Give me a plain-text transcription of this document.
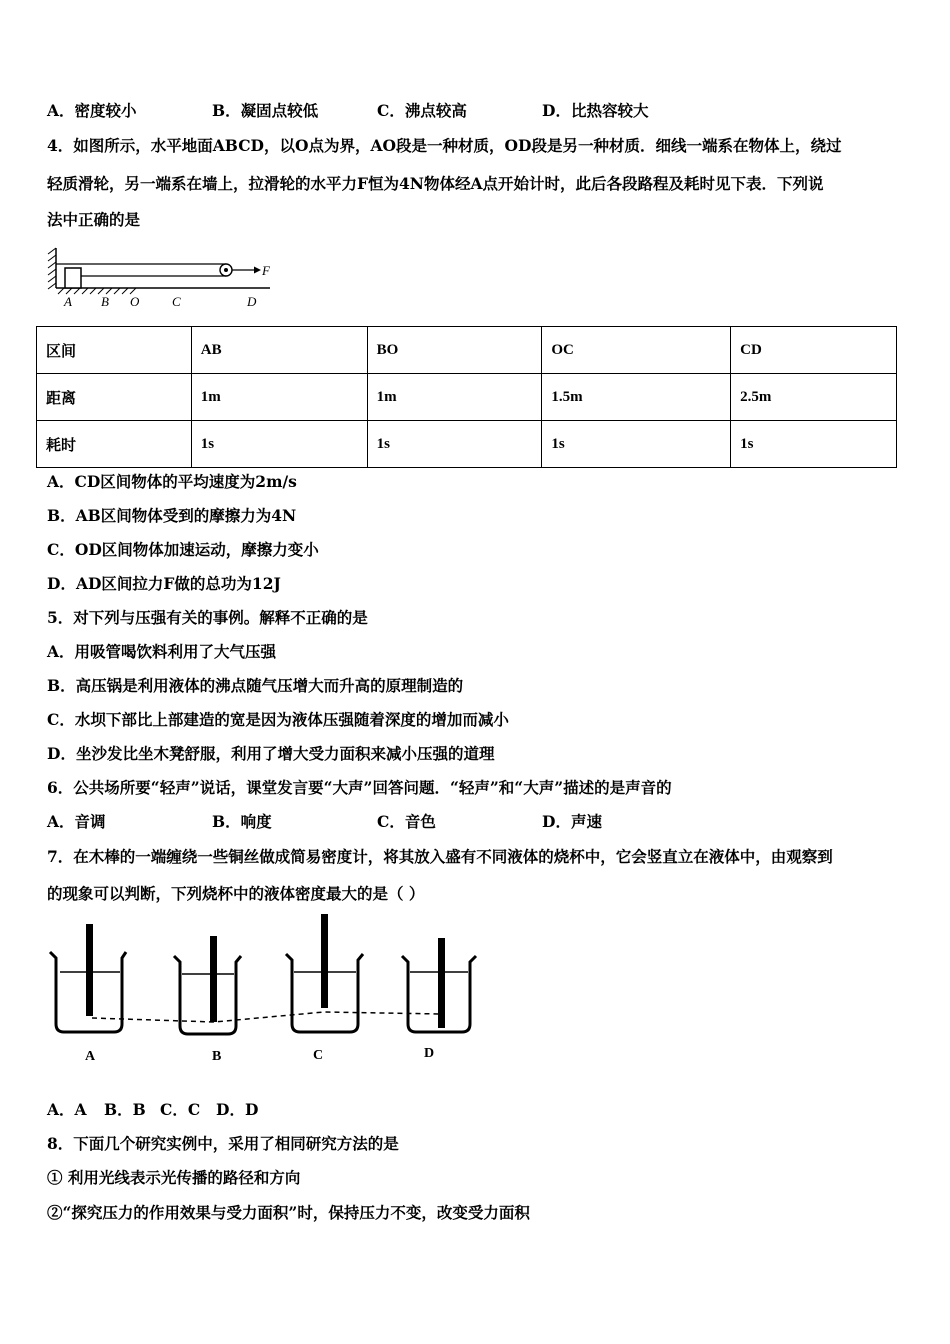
A．密度较小	B．凝固点较低	C．沸点较高	D．比热容较大
4．如图所示，水平地面ABCD，以O点为界，AO段是一种材质，OD段是另一种材质．细线一端系在物体上，绕过
轻质滑轮，另一端系在墙上，拉滑轮的水平力F恒为4N物体经A点开始计时，此后各段路程及耗时见下表．下列说
法中正确的是
F
A B O	C	D
区间	AB	BO	OC	CD
距离	1m	1m	1.5m	2.5m
耗时	1s	1s	1s	1s
A．CD区间物体的平均速度为2m/s
B．AB区间物体受到的摩擦力为4N
C．OD区间物体加速运动，摩擦力变小
D．AD区间拉力F做的总功为12J
5．对下列与压强有关的事例。解释不正确的是
A．用吸管喝饮料利用了大气压强
B．高压锅是利用液体的沸点随气压增大而升高的原理制造的
C．水坝下部比上部建造的宽是因为液体压强随着深度的增加而减小
D．坐沙发比坐木凳舒服，利用了增大受力面积来减小压强的道理
6．公共场所要“轻声”说话，课堂发言要“大声”回答问题．“轻声”和“大声”描述的是声音的
A．音调	B．响度	C．音色	D．声速
7．在木棒的一端缠绕一些铜丝做成简易密度计，将其放入盛有不同液体的烧杯中，它会竖直立在液体中，由观察到
的现象可以判断，下列烧杯中的液体密度最大的是（ ）
A	B	C	D
A．A B．B C．C D．D
8．下面几个研究实例中，采用了相同研究方法的是
① 利用光线表示光传播的路径和方向
②“探究压力的作用效果与受力面积”时，保持压力不变，改变受力面积
